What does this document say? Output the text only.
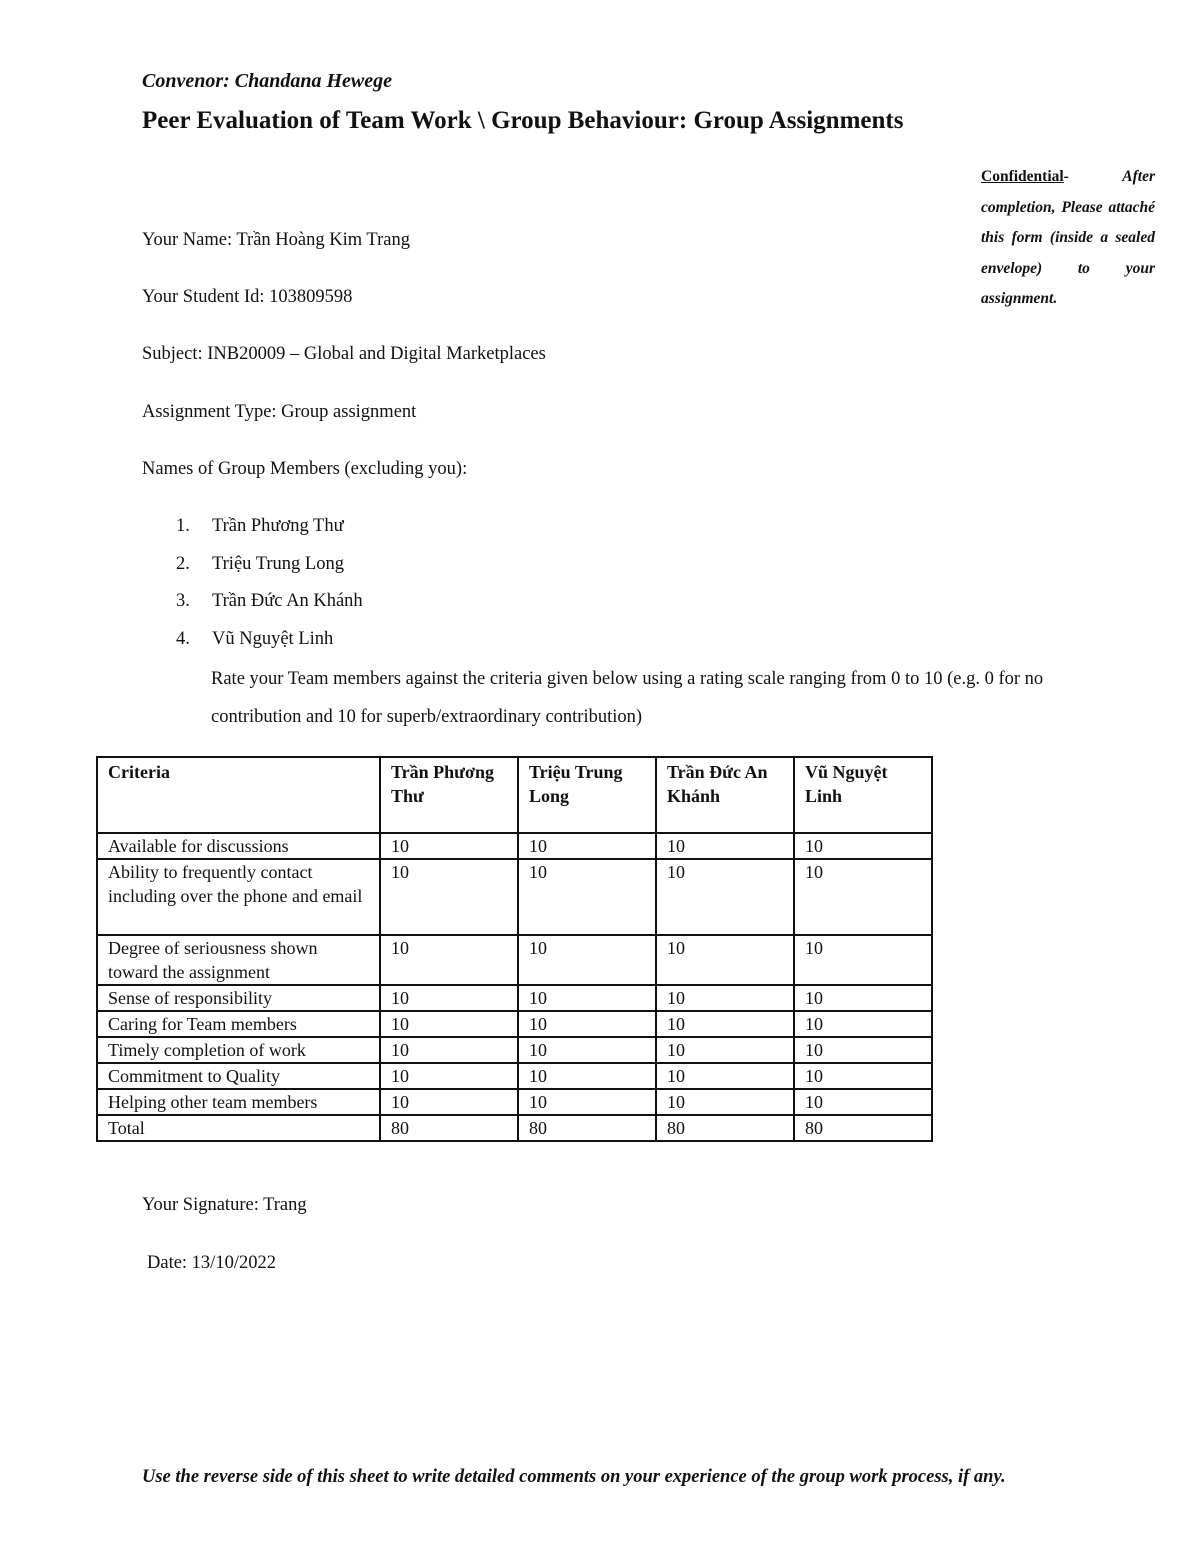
Convenor: Chandana Hewege
Peer Evaluation of Team Work \ Group Behaviour: Group Assignments
Confidential- After completion, Please attaché this form (inside a sealed envelope) to your assignment.
Your Name: Trần Hoàng Kim Trang
Your Student Id: 103809598
Subject: INB20009 – Global and Digital Marketplaces
Assignment Type: Group assignment
Names of Group Members (excluding you):
1. Trần Phương Thư
2. Triệu Trung Long
3. Trần Đức An Khánh
4. Vũ Nguyệt Linh
Rate your Team members against the criteria given below using a rating scale ranging from 0 to 10 (e.g. 0 for no contribution and 10 for superb/extraordinary contribution)
Criteria	Trần Phương Thư	Triệu Trung Long	Trần Đức An Khánh	Vũ Nguyệt Linh
Available for discussions	10	10	10	10
Ability to frequently contact including over the phone and email	10	10	10	10
Degree of seriousness shown toward the assignment	10	10	10	10
Sense of responsibility	10	10	10	10
Caring for Team members	10	10	10	10
Timely completion of work	10	10	10	10
Commitment to Quality	10	10	10	10
Helping other team members	10	10	10	10
Total	80	80	80	80
Your Signature: Trang
Date: 13/10/2022
Use the reverse side of this sheet to write detailed comments on your experience of the group work process, if any.
